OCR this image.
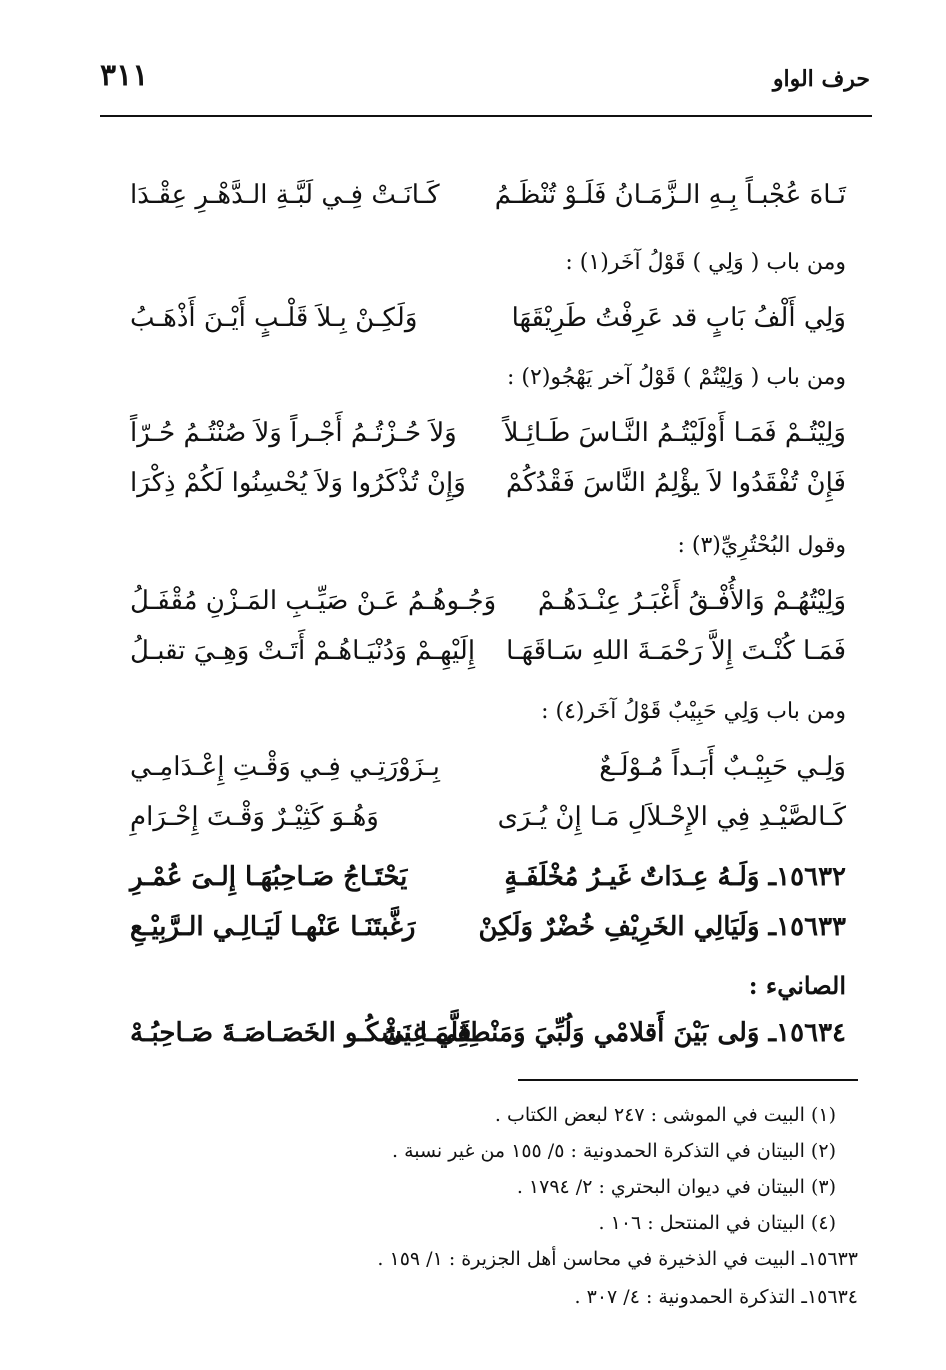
حرف الواو
٣١١
تَـاهَ عُجْبـاً بِـهِ الـزَّمَـانُ فَلَـوْ تُنْظَـمُ
كَـانَـتْ فِـي لَبَّـةِ الـدَّهْـرِ عِقْـدَا
ومن باب ( وَلِي ) قَوْلُ آخَر(١) :
وَلِي أَلْفُ بَابٍ قد عَرِفْتُ طَرِيْقَهَا
وَلَكِـنْ بِـلاَ قَلْـبٍ أَيْـنَ أَذْهَـبُ
ومن باب ( وَلِيْتُمْ ) قَوْلُ آخر يَهْجُو(٢) :
وَلِيْتُـمْ فَمَـا أَوْلَيْتُـمُ النَّـاسَ طَـائِـلاً
وَلاَ حُـزْتُـمُ أَجْـراً وَلاَ صُنْتُـمُ حُـرّاً
فَإِنْ تُفْقَدُوا لاَ يؤْلِمُ النَّاسَ فَقْدُكُمْ
وَإِنْ تُذْكَرُوا وَلاَ يُحْسِنُوا لَكُمْ ذِكْرَا
وقول البُحْتُرِيِّ(٣) :
وَلِيْتُهُـمْ وَالأُفْـقُ أَغْبَـرُ عِنْـدَهُـمْ
وَجُـوهُـمُ عَـنْ صَيِّـبِ المَـزْنِ مُقْفَـلُ
فَمَـا كُنْـتَ إِلاَّ رَحْمَـةَ اللهِ سَـاقَهَـا
إِلَيْهِـمْ وَدُنْيَـاهُـمْ أَتَـتْ وَهِـيَ تقبـلُ
ومن باب وَلِي حَبِيْبٌ قَوْلُ آخَر(٤) :
وَلِـي حَبِيْـبٌ أَبَـداً مُـوْلَـعٌ
بِـزَوْرَتِـي فِـي وَقْـتِ إِعْـدَامِـي
كَـالصَّيْـدِ فِي الإِحْـلاَلِ مَـا إِنْ يُـرَى
وَهُـوَ كَثِيْـرٌ وَقْـتَ إِحْـرَامِ
١٥٦٣٢ـ وَلَـهُ عِـدَاتٌ غَيـرُ مُخْلَفَـةٍ
يَحْتَـاجُ صَـاحِبُهَـا إِلـىَ عُمْـرِ
١٥٦٣٣ـ وَلَيَالِي الخَرِيْفِ خُضْرٌ وَلَكِنْ
رَغَّبتَنَـا عَنْهـا لَيَـالِـي الـرَّبِيْـعِ
الصانيء :
١٥٦٣٤ـ وَلى بَيْنَ أَقلامْي وَلُبِّيَ وَمَنْطِقِي غِنىً
قَلَّمَـا يَشْكُـو الخَصَـاصَـةَ صَـاحِبُـهْ
(١) البيت في الموشى : ٢٤٧ لبعض الكتاب .
(٢) البيتان في التذكرة الحمدونية : ٥/ ١٥٥ من غير نسبة .
(٣) البيتان في ديوان البحتري : ٢/ ١٧٩٤ .
(٤) البيتان في المنتحل : ١٠٦ .
١٥٦٣٣ـ البيت في الذخيرة في محاسن أهل الجزيرة : ١/ ١٥٩ .
١٥٦٣٤ـ التذكرة الحمدونية : ٤/ ٣٠٧ .
